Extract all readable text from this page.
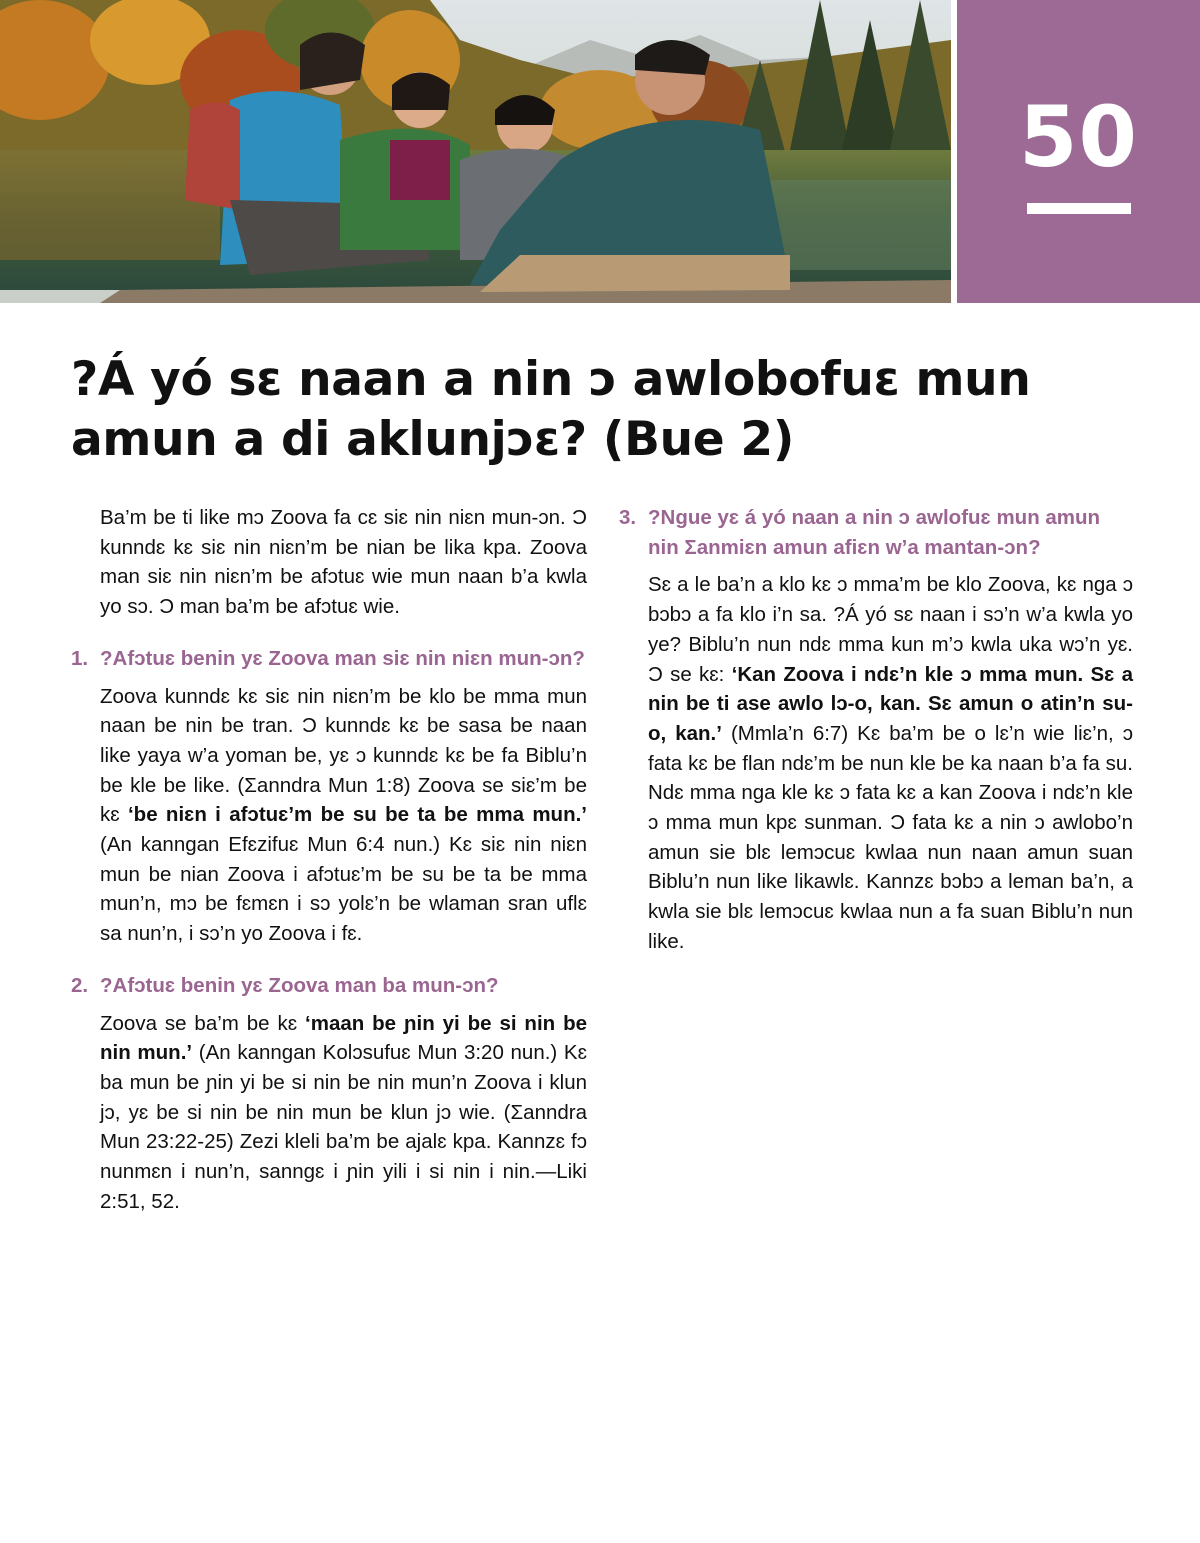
50
?Á yó sɛ naan a nin ɔ awlobofuɛ mun amun a di aklunjɔɛ? (Bue 2)

Ba’m be ti like mɔ Zoova fa cɛ siɛ nin niɛn mun-ɔn. Ɔ kunndɛ kɛ siɛ nin niɛn’m be nian be lika kpa. Zoova man siɛ nin niɛn’m be afɔtuɛ wie mun naan b’a kwla yo sɔ. Ɔ man ba’m be afɔtuɛ wie.

1. ?Afɔtuɛ benin yɛ Zoova man siɛ nin niɛn mun-ɔn?

Zoova kunndɛ kɛ siɛ nin niɛn’m be klo be mma mun naan be nin be tran. Ɔ kunndɛ kɛ be sasa be naan like yaya w’a yoman be, yɛ ɔ kunndɛ kɛ be fa Biblu’n be kle be like. (Ʃanndra Mun 1:8) Zoova se siɛ’m be kɛ ‘be niɛn i afɔtuɛ’m be su be ta be mma mun.’ (An kanngan Efɛzifuɛ Mun 6:4 nun.) Kɛ siɛ nin niɛn mun be nian Zoova i afɔtuɛ’m be su be ta be mma mun’n, mɔ be fɛmɛn i sɔ yolɛ’n be wlaman sran uflɛ sa nun’n, i sɔ’n yo Zoova i fɛ.

2. ?Afɔtuɛ benin yɛ Zoova man ba mun-ɔn?

Zoova se ba’m be kɛ ‘maan be ɲin yi be si nin be nin mun.’ (An kanngan Kolɔsufuɛ Mun 3:20 nun.) Kɛ ba mun be ɲin yi be si nin be nin mun’n Zoova i klun jɔ, yɛ be si nin be nin mun be klun jɔ wie. (Ʃanndra Mun 23:22-25) Zezi kleli ba’m be ajalɛ kpa. Kannzɛ fɔ nunmɛn i nun’n, sanngɛ i ɲin yili i si nin i nin.—Liki 2:51, 52.

3. ?Ngue yɛ á yó naan a nin ɔ awlofuɛ mun amun nin Ʃanmiɛn amun afiɛn w’a mantan-ɔn?

Sɛ a le ba’n a klo kɛ ɔ mma’m be klo Zoova, kɛ nga ɔ bɔbɔ a fa klo i’n sa. ?Á yó sɛ naan i sɔ’n w’a kwla yo ye? Biblu’n nun ndɛ mma kun m’ɔ kwla uka wɔ’n yɛ. Ɔ se kɛ: ‘Kan Zoova i ndɛ’n kle ɔ mma mun. Sɛ a nin be ti ase awlo lɔ-o, kan. Sɛ amun o atin’n su-o, kan.’ (Mmla’n 6:7) Kɛ ba’m be o lɛ’n wie liɛ’n, ɔ fata kɛ be flan ndɛ’m be nun kle be ka naan b’a fa su. Ndɛ mma nga kle kɛ ɔ fata kɛ a kan Zoova i ndɛ’n kle ɔ mma mun kpɛ sunman. Ɔ fata kɛ a nin ɔ awlobo’n amun sie blɛ lemɔcuɛ kwlaa nun naan amun suan Biblu’n nun like likawlɛ. Kannzɛ bɔbɔ a leman ba’n, a kwla sie blɛ lemɔcuɛ kwlaa nun a fa suan Biblu’n nun like.
